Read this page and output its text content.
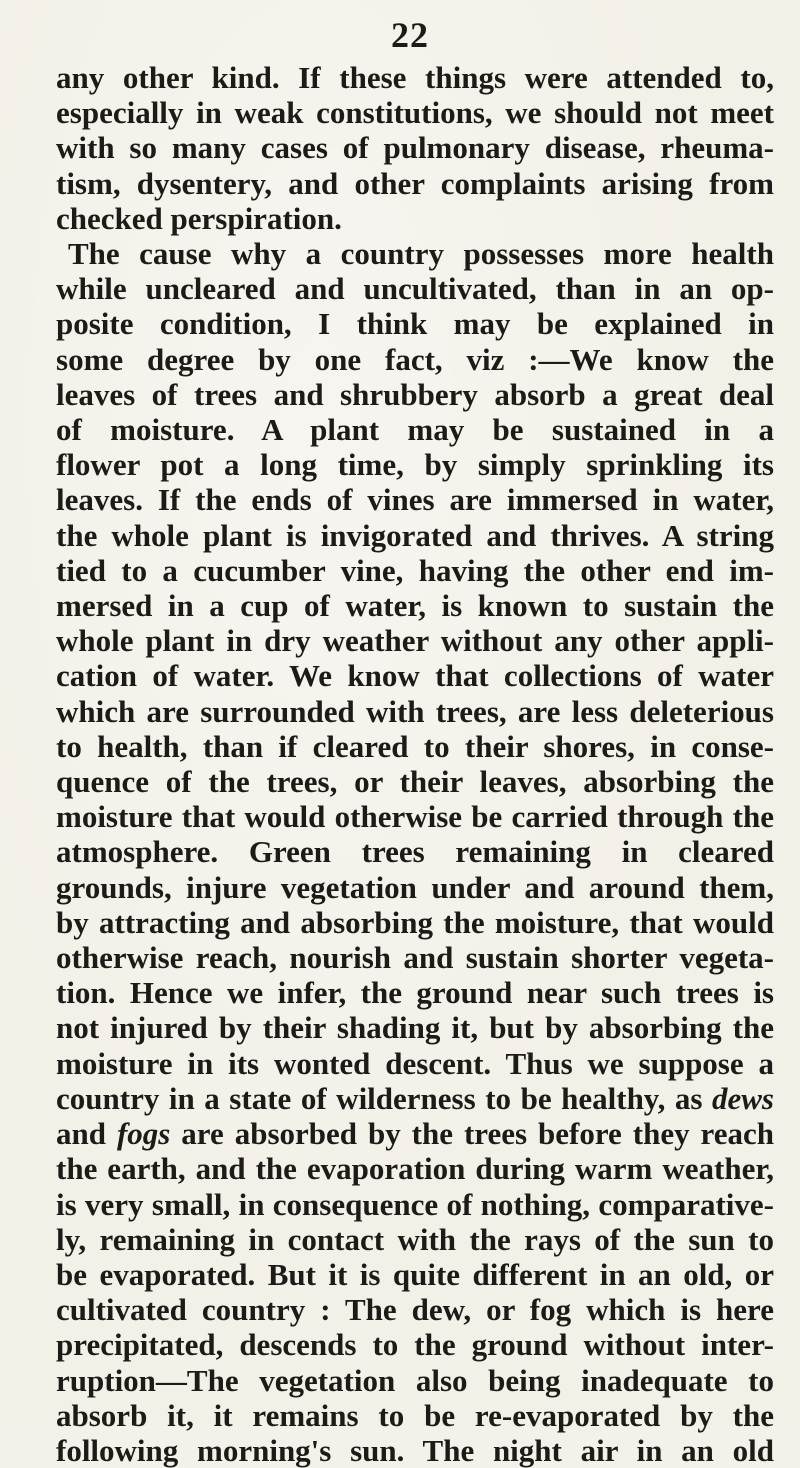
22
any other kind. If these things were attended to,
especially in weak constitutions, we should not meet
with so many cases of pulmonary disease, rheuma-
tism, dysentery, and other complaints arising from
checked perspiration.
The cause why a country possesses more health
while uncleared and uncultivated, than in an op-
posite condition, I think may be explained in
some degree by one fact, viz :—We know the
leaves of trees and shrubbery absorb a great deal
of moisture. A plant may be sustained in a
flower pot a long time, by simply sprinkling its
leaves. If the ends of vines are immersed in water,
the whole plant is invigorated and thrives. A string
tied to a cucumber vine, having the other end im-
mersed in a cup of water, is known to sustain the
whole plant in dry weather without any other appli-
cation of water. We know that collections of water
which are surrounded with trees, are less deleterious
to health, than if cleared to their shores, in conse-
quence of the trees, or their leaves, absorbing the
moisture that would otherwise be carried through the
atmosphere. Green trees remaining in cleared
grounds, injure vegetation under and around them,
by attracting and absorbing the moisture, that would
otherwise reach, nourish and sustain shorter vegeta-
tion. Hence we infer, the ground near such trees is
not injured by their shading it, but by absorbing the
moisture in its wonted descent. Thus we suppose a
country in a state of wilderness to be healthy, as dews
and fogs are absorbed by the trees before they reach
the earth, and the evaporation during warm weather,
is very small, in consequence of nothing, comparative-
ly, remaining in contact with the rays of the sun to
be evaporated. But it is quite different in an old, or
cultivated country : The dew, or fog which is here
precipitated, descends to the ground without inter-
ruption—The vegetation also being inadequate to
absorb it, it remains to be re-evaporated by the
following morning's sun. The night air in an old
